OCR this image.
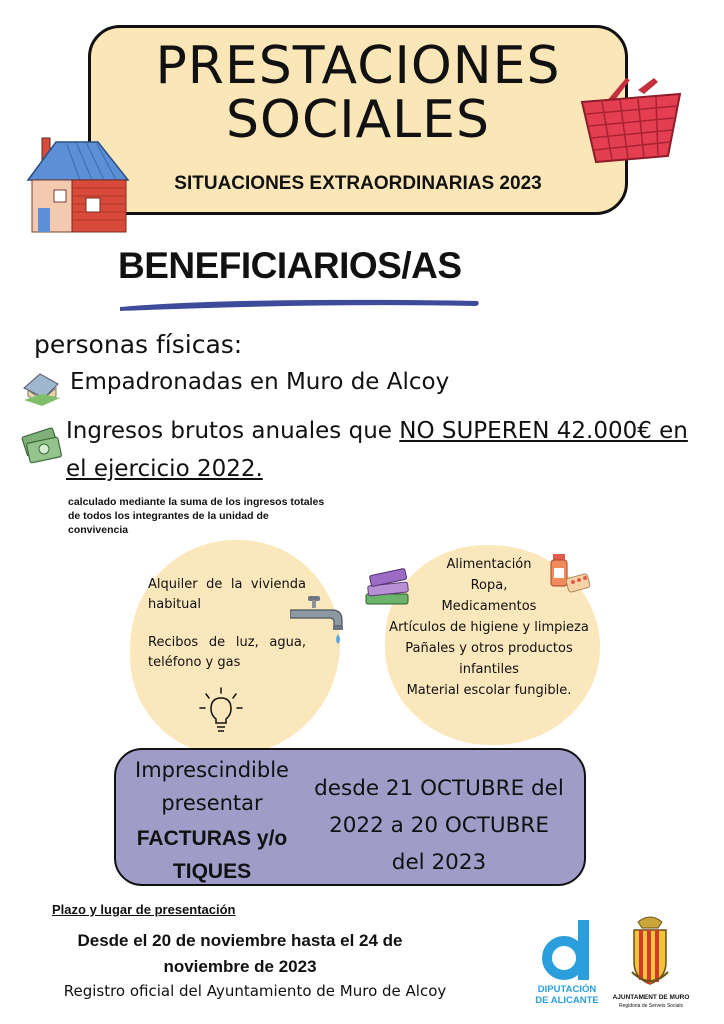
PRESTACIONES
SOCIALES
SITUACIONES EXTRAORDINARIAS 2023
BENEFICIARIOS/AS
personas físicas:
Empadronadas en Muro de Alcoy
Ingresos brutos anuales que NO SUPEREN 42.000€ en
el ejercicio 2022.
calculado mediante la suma de los ingresos totales de todos los integrantes de la unidad de convivencia

Alquiler de la vivienda habitual

Recibos de luz, agua, teléfono y gas

Alimentación
Ropa,
Medicamentos
Artículos de higiene y limpieza
Pañales y otros productos
infantiles
Material escolar fungible.
Imprescindible
presentar
FACTURAS y/o
TIQUES
desde 21 OCTUBRE del
2022 a 20 OCTUBRE
del 2023
Plazo y lugar de presentación
Desde el 20 de noviembre hasta el 24 de
noviembre de 2023
Registro oficial del Ayuntamiento de Muro de Alcoy	DIPUTACIÓN
DE ALICANTE	AJUNTAMENT DE MURO
Regidoria de Serveis Socials
